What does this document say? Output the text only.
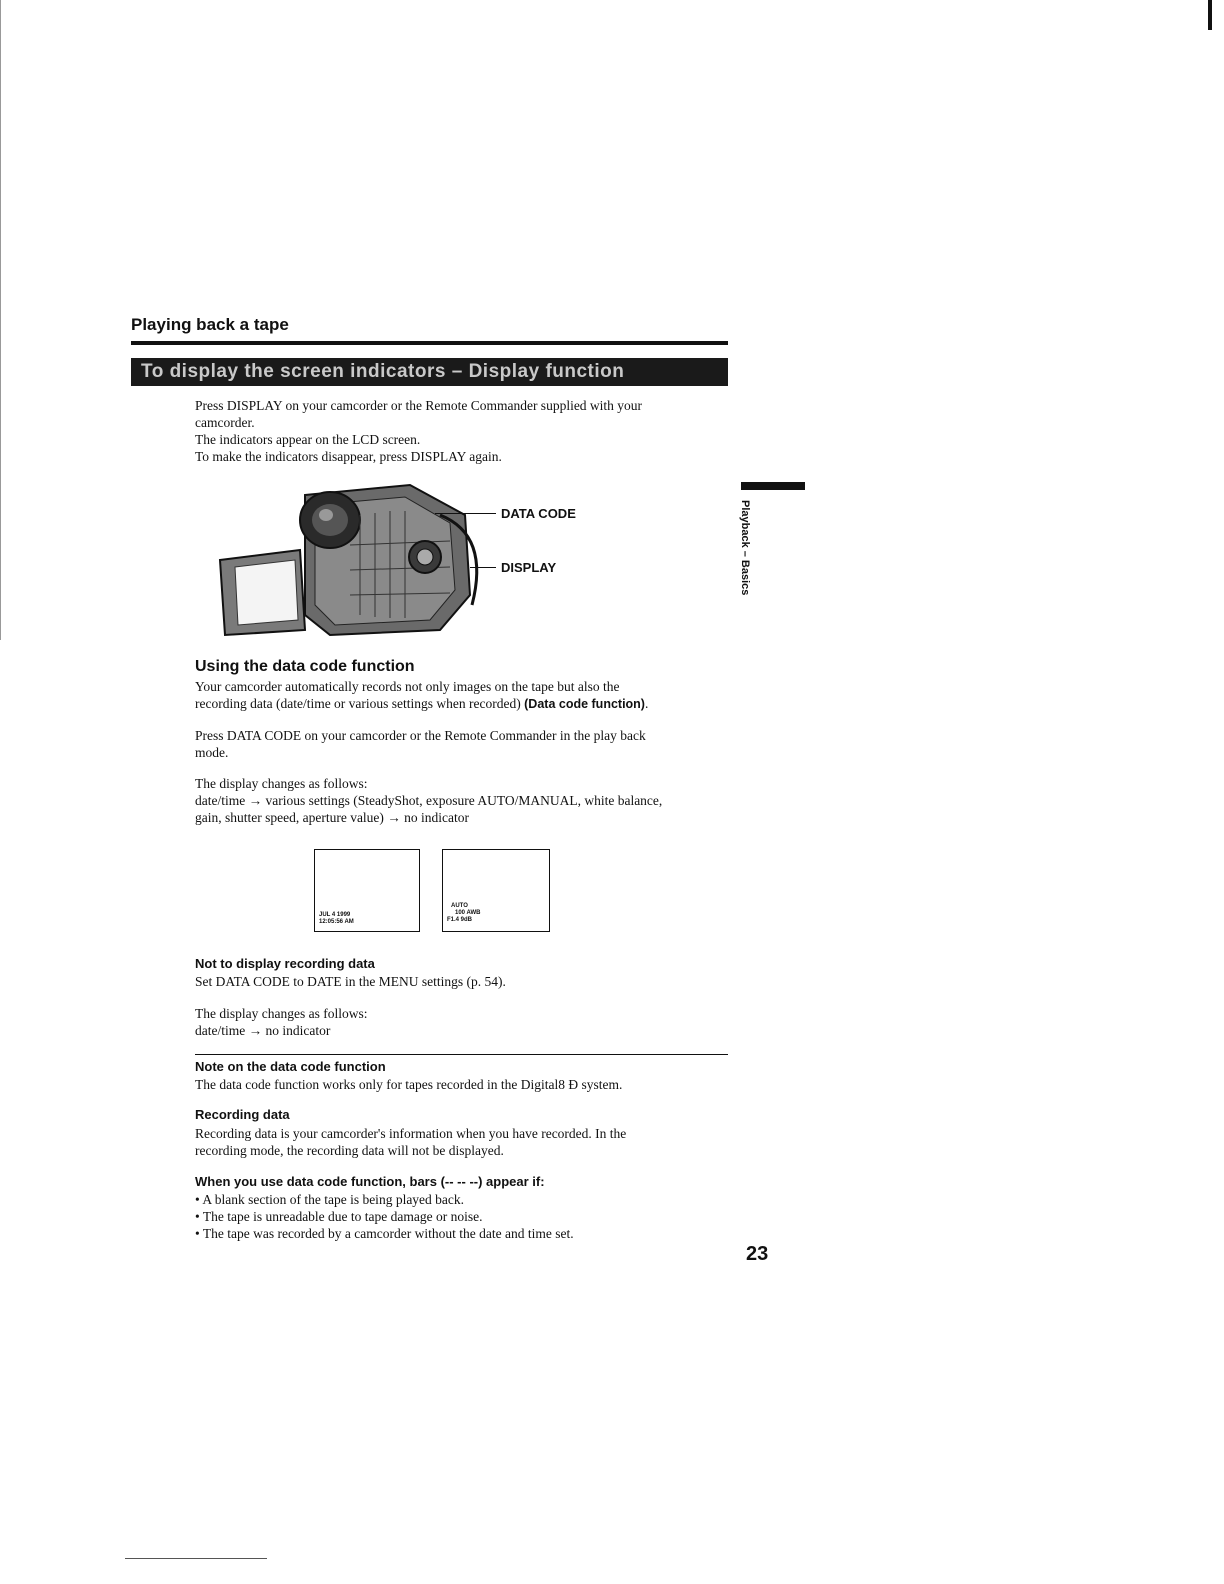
Playing back a tape
To display the screen indicators – Display function
Press DISPLAY on your camcorder or the Remote Commander supplied with your
camcorder.
The indicators appear on the LCD screen.
To make the indicators disappear, press DISPLAY again.
DATA CODE
DISPLAY	Playback – Basics
Using the data code function
Your camcorder automatically records not only images on the tape but also the
recording data (date/time or various settings when recorded) (Data code function).
Press DATA CODE on your camcorder or the Remote Commander in the play back
mode.
The display changes as follows:
date/time → various settings (SteadyShot, exposure AUTO/MANUAL, white balance,
gain, shutter speed, aperture value) → no indicator
JUL 4 1999
12:05:56 AM
AUTO
100 AWB
F1.4 9dB
Not to display recording data
Set DATA CODE to DATE in the MENU settings (p. 54).
The display changes as follows:
date/time → no indicator
Note on the data code function
The data code function works only for tapes recorded in the Digital8 Ð system.
Recording data
Recording data is your camcorder's information when you have recorded. In the
recording mode, the recording data will not be displayed.
When you use data code function, bars (-- -- --) appear if:
• A blank section of the tape is being played back.
• The tape is unreadable due to tape damage or noise.
• The tape was recorded by a camcorder without the date and time set.
23
